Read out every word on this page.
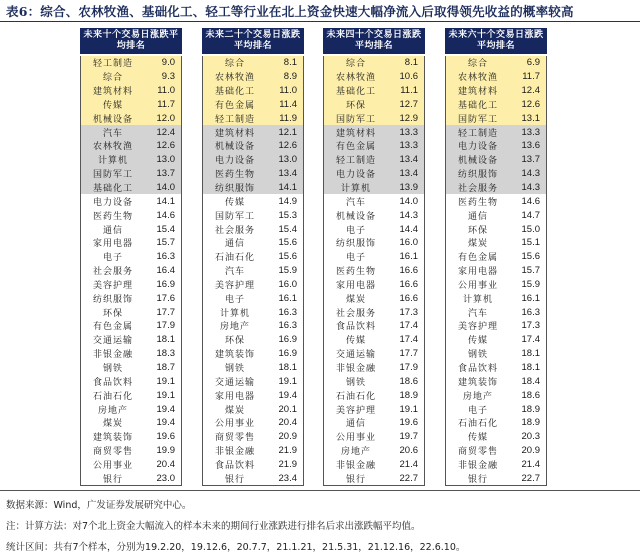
表6：综合、农林牧渔、基础化工、轻工等行业在北上资金快速大幅净流入后取得领先收益的概率较高
未来十个交易日涨跌平均排名
轻工制造	9.0
综合	9.3
建筑材料	11.0
传媒	11.7
机械设备	12.0
汽车	12.4
农林牧渔	12.6
计算机	13.0
国防军工	13.7
基础化工	14.0
电力设备	14.1
医药生物	14.6
通信	15.4
家用电器	15.7
电子	16.3
社会服务	16.4
美容护理	16.9
纺织服饰	17.6
环保	17.7
有色金属	17.9
交通运输	18.1
非银金融	18.3
钢铁	18.7
食品饮料	19.1
石油石化	19.1
房地产	19.4
煤炭	19.4
建筑装饰	19.6
商贸零售	19.9
公用事业	20.4
银行	23.0
未来二十个交易日涨跌平均排名
综合	8.1
农林牧渔	8.9
基础化工	11.0
有色金属	11.4
轻工制造	11.9
建筑材料	12.1
机械设备	12.6
电力设备	13.0
医药生物	13.4
纺织服饰	14.1
传媒	14.9
国防军工	15.3
社会服务	15.4
通信	15.6
石油石化	15.6
汽车	15.9
美容护理	16.0
电子	16.1
计算机	16.3
房地产	16.3
环保	16.9
建筑装饰	16.9
钢铁	18.1
交通运输	19.1
家用电器	19.4
煤炭	20.1
公用事业	20.4
商贸零售	20.9
非银金融	21.9
食品饮料	21.9
银行	23.4
未来四十个交易日涨跌平均排名
综合	8.1
农林牧渔	10.6
基础化工	11.1
环保	12.7
国防军工	12.9
建筑材料	13.3
有色金属	13.3
轻工制造	13.4
电力设备	13.4
计算机	13.9
汽车	14.0
机械设备	14.3
电子	14.4
纺织服饰	16.0
电子	16.1
医药生物	16.6
家用电器	16.6
煤炭	16.6
社会服务	17.3
食品饮料	17.4
传媒	17.4
交通运输	17.7
非银金融	17.9
钢铁	18.6
石油石化	18.9
美容护理	19.1
通信	19.6
公用事业	19.7
房地产	20.6
非银金融	21.4
银行	22.7
未来六十个交易日涨跌平均排名
综合	6.9
农林牧渔	11.7
建筑材料	12.4
基础化工	12.6
国防军工	13.1
轻工制造	13.3
电力设备	13.6
机械设备	13.7
纺织服饰	14.3
社会服务	14.3
医药生物	14.6
通信	14.7
环保	15.0
煤炭	15.1
有色金属	15.6
家用电器	15.7
公用事业	15.9
计算机	16.1
汽车	16.3
美容护理	17.3
传媒	17.4
钢铁	18.1
食品饮料	18.1
建筑装饰	18.4
房地产	18.6
电子	18.9
石油石化	18.9
传媒	20.3
商贸零售	20.9
非银金融	21.4
银行	22.7
数据来源：Wind，广发证券发展研究中心。
注：计算方法：对7个北上资金大幅流入的样本未来的期间行业涨跌进行排名后求出涨跌幅平均值。
统计区间：共有7个样本，分别为19.2.20，19.12.6，20.7.7，21.1.21，21.5.31，21.12.16，22.6.10。
